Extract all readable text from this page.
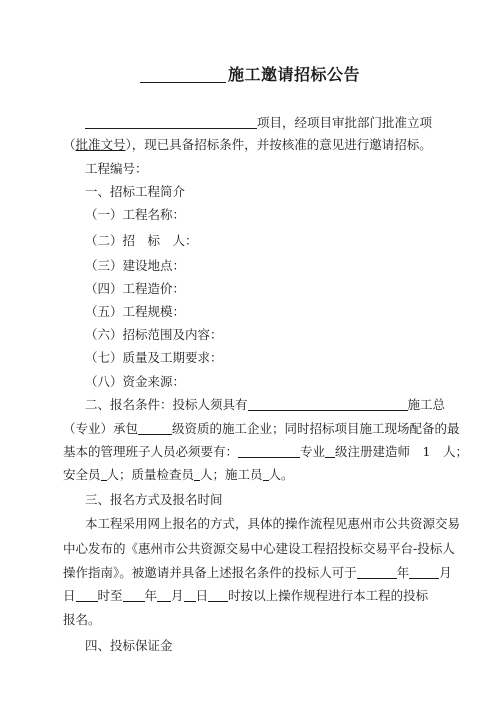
施工邀请招标公告
项目，经项目审批部门批准立项
（批准文号），现已具备招标条件，并按核准的意见进行邀请招标。
工程编号：
一、招标工程简介
（一）工程名称：
（二）招　标　人：
（三）建设地点：
（四）工程造价：
（五）工程规模：
（六）招标范围及内容：
（七）质量及工期要求：
（八）资金来源：
二、报名条件：投标人须具有	施工总
（专业）承包	级资质的施工企业；同时招标项目施工现场配备的最
基本的管理班子人员必须要有：	专业 级注册建造师　1　人；
安全员 人；质量检查员 人；施工员 人。
三、报名方式及报名时间
本工程采用网上报名的方式，具体的操作流程见惠州市公共资源交易
中心发布的《惠州市公共资源交易中心建设工程招投标交易平台-投标人
操作指南》。被邀请并具备上述报名条件的投标人可于	年 月
日 时至 年 月 日 时按以上操作规程进行本工程的投标
报名。
四、投标保证金
